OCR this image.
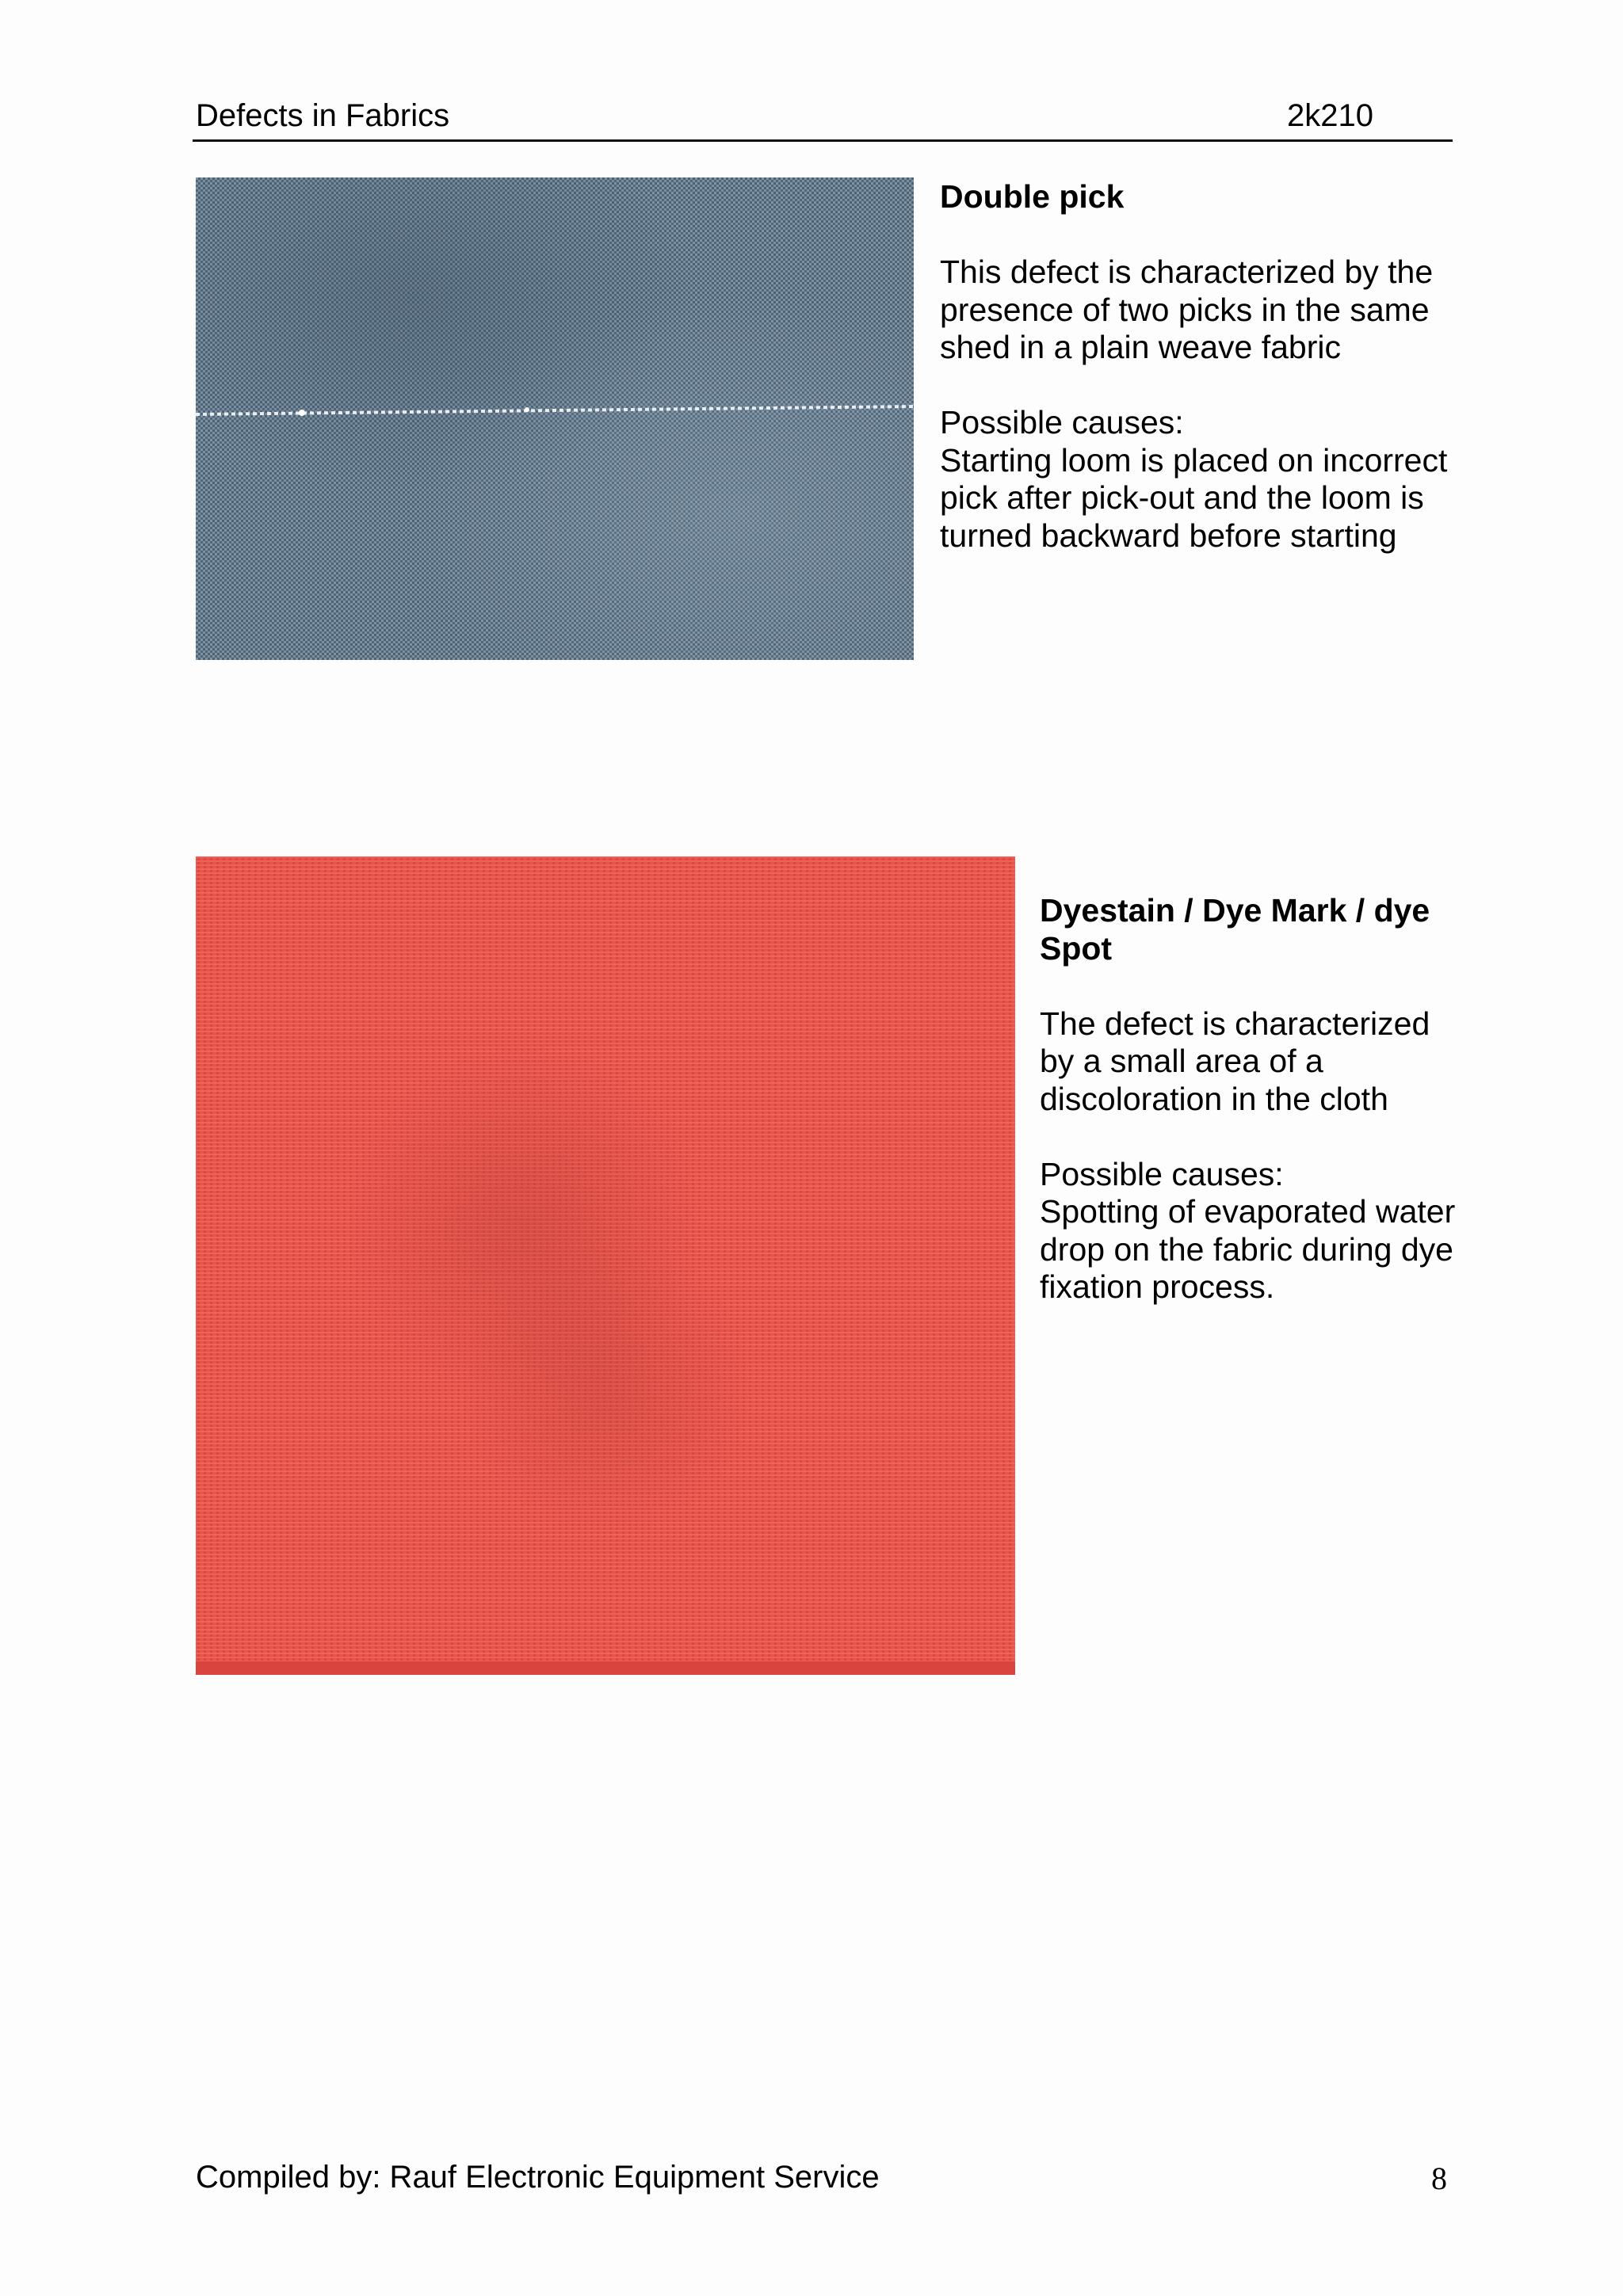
Defects in Fabrics	2k210
Double pick

This defect is characterized by the presence of two picks in the same shed in a plain weave fabric

Possible causes:
Starting loom is placed on incorrect pick after pick-out and the loom is turned backward before starting

Dyestain / Dye Mark / dye Spot

The defect is characterized by a small area of a discoloration in the cloth

Possible causes:
Spotting of evaporated water drop on the fabric during dye fixation process.

Compiled by: Rauf Electronic Equipment Service	8
